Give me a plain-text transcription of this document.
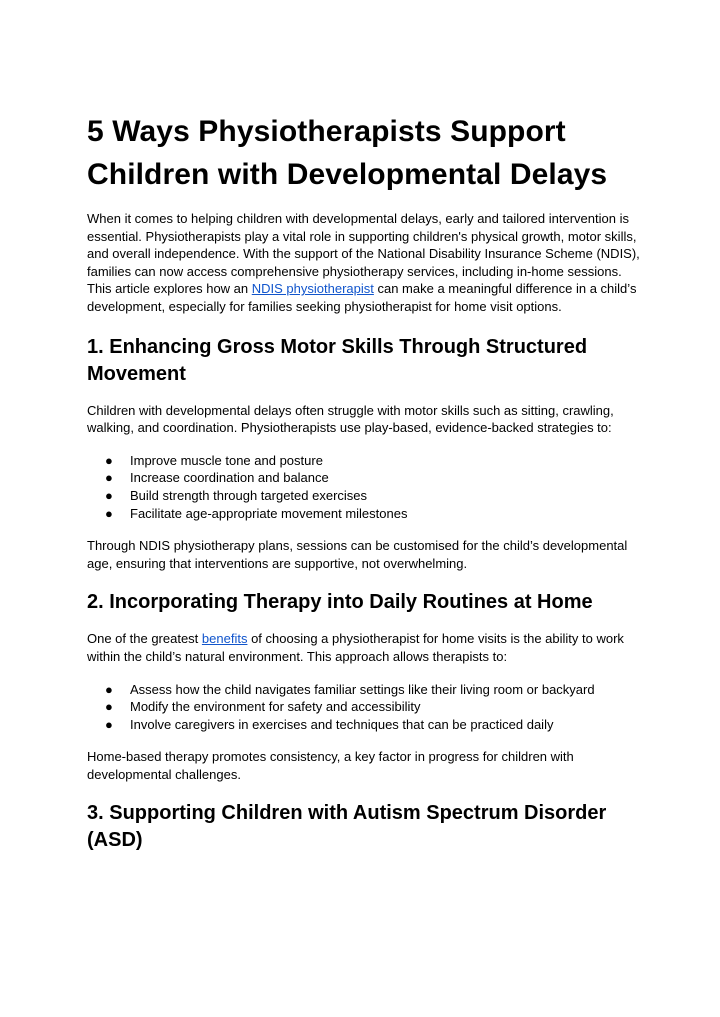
5 Ways Physiotherapists Support Children with Developmental Delays

When it comes to helping children with developmental delays, early and tailored intervention is essential. Physiotherapists play a vital role in supporting children's physical growth, motor skills, and overall independence. With the support of the National Disability Insurance Scheme (NDIS), families can now access comprehensive physiotherapy services, including in-home sessions. This article explores how an NDIS physiotherapist can make a meaningful difference in a child’s development, especially for families seeking physiotherapist for home visit options.

1. Enhancing Gross Motor Skills Through Structured Movement

Children with developmental delays often struggle with motor skills such as sitting, crawling, walking, and coordination. Physiotherapists use play-based, evidence-backed strategies to:

● Improve muscle tone and posture
● Increase coordination and balance
● Build strength through targeted exercises
● Facilitate age-appropriate movement milestones

Through NDIS physiotherapy plans, sessions can be customised for the child’s developmental age, ensuring that interventions are supportive, not overwhelming.

2. Incorporating Therapy into Daily Routines at Home

One of the greatest benefits of choosing a physiotherapist for home visits is the ability to work within the child’s natural environment. This approach allows therapists to:

● Assess how the child navigates familiar settings like their living room or backyard
● Modify the environment for safety and accessibility
● Involve caregivers in exercises and techniques that can be practiced daily

Home-based therapy promotes consistency, a key factor in progress for children with developmental challenges.

3. Supporting Children with Autism Spectrum Disorder (ASD)
